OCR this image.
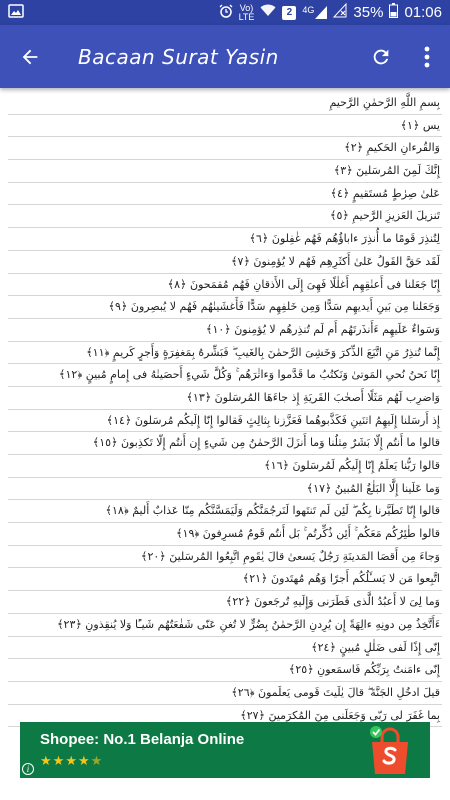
Vo)
LTE	2	4G	35% 01:06
Bacaan Surat Yasin
بِسمِ اللَّهِ الرَّحمٰنِ الرَّحيمِ
يس ﴿١﴾
وَالقُرءانِ الحَكيمِ ﴿٢﴾
إِنَّكَ لَمِنَ المُرسَلينَ ﴿٣﴾
عَلىٰ صِرٰطٍ مُستَقيمٍ ﴿٤﴾
تَنزيلَ العَزيزِ الرَّحيمِ ﴿٥﴾
لِتُنذِرَ قَومًا ما أُنذِرَ ءاباؤُهُم فَهُم غٰفِلونَ ﴿٦﴾
لَقَد حَقَّ القَولُ عَلىٰ أَكثَرِهِم فَهُم لا يُؤمِنونَ ﴿٧﴾
إِنّا جَعَلنا فى أَعنٰقِهِم أَغلٰلًا فَهِىَ إِلَى الأَذقانِ فَهُم مُقمَحونَ ﴿٨﴾
وَجَعَلنا مِن بَينِ أَيديهِم سَدًّا وَمِن خَلفِهِم سَدًّا فَأَغشَينٰهُم فَهُم لا يُبصِرونَ ﴿٩﴾
وَسَواءٌ عَلَيهِم ءَأَنذَرتَهُم أَم لَم تُنذِرهُم لا يُؤمِنونَ ﴿١٠﴾
إِنَّما تُنذِرُ مَنِ اتَّبَعَ الذِّكرَ وَخَشِىَ الرَّحمٰنَ بِالغَيبِ ۖ فَبَشِّرهُ بِمَغفِرَةٍ وَأَجرٍ كَريمٍ ﴿١١﴾
إِنّا نَحنُ نُحىِ المَوتىٰ وَنَكتُبُ ما قَدَّموا وَءاثٰرَهُم ۚ وَكُلَّ شَيءٍ أَحصَينٰهُ فى إِمامٍ مُبينٍ ﴿١٢﴾
وَاضرِب لَهُم مَثَلًا أَصحٰبَ القَريَةِ إِذ جاءَهَا المُرسَلونَ ﴿١٣﴾
إِذ أَرسَلنا إِلَيهِمُ اثنَينِ فَكَذَّبوهُما فَعَزَّزنا بِثالِثٍ فَقالوا إِنّا إِلَيكُم مُرسَلونَ ﴿١٤﴾
قالوا ما أَنتُم إِلّا بَشَرٌ مِثلُنا وَما أَنزَلَ الرَّحمٰنُ مِن شَيءٍ إِن أَنتُم إِلّا تَكذِبونَ ﴿١٥﴾
قالوا رَبُّنا يَعلَمُ إِنّا إِلَيكُم لَمُرسَلونَ ﴿١٦﴾
وَما عَلَينا إِلَّا البَلٰغُ المُبينُ ﴿١٧﴾
قالوا إِنّا تَطَيَّرنا بِكُم ۖ لَئِن لَم تَنتَهوا لَنَرجُمَنَّكُم وَلَيَمَسَّنَّكُم مِنّا عَذابٌ أَليمٌ ﴿١٨﴾
قالوا طٰئِرُكُم مَعَكُم ۚ أَئِن ذُكِّرتُم ۚ بَل أَنتُم قَومٌ مُسرِفونَ ﴿١٩﴾
وَجاءَ مِن أَقصَا المَدينَةِ رَجُلٌ يَسعىٰ قالَ يٰقَومِ اتَّبِعُوا المُرسَلينَ ﴿٢٠﴾
اتَّبِعوا مَن لا يَسـَٔلُكُم أَجرًا وَهُم مُهتَدونَ ﴿٢١﴾
وَما لِىَ لا أَعبُدُ الَّذى فَطَرَنى وَإِلَيهِ تُرجَعونَ ﴿٢٢﴾
ءَأَتَّخِذُ مِن دونِهِ ءالِهَةً إِن يُرِدنِ الرَّحمٰنُ بِضُرٍّ لا تُغنِ عَنّى شَفٰعَتُهُم شَيـًٔا وَلا يُنقِذونِ ﴿٢٣﴾
إِنّى إِذًا لَفى ضَلٰلٍ مُبينٍ ﴿٢٤﴾
إِنّى ءامَنتُ بِرَبِّكُم فَاسمَعونِ ﴿٢٥﴾
قيلَ ادخُلِ الجَنَّةَ ۖ قالَ يٰلَيتَ قَومى يَعلَمونَ ﴿٢٦﴾
بِما غَفَرَ لى رَبّى وَجَعَلَنى مِنَ المُكرَمينَ ﴿٢٧﴾
Shopee: No.1 Belanja Online
★★★★★
i
